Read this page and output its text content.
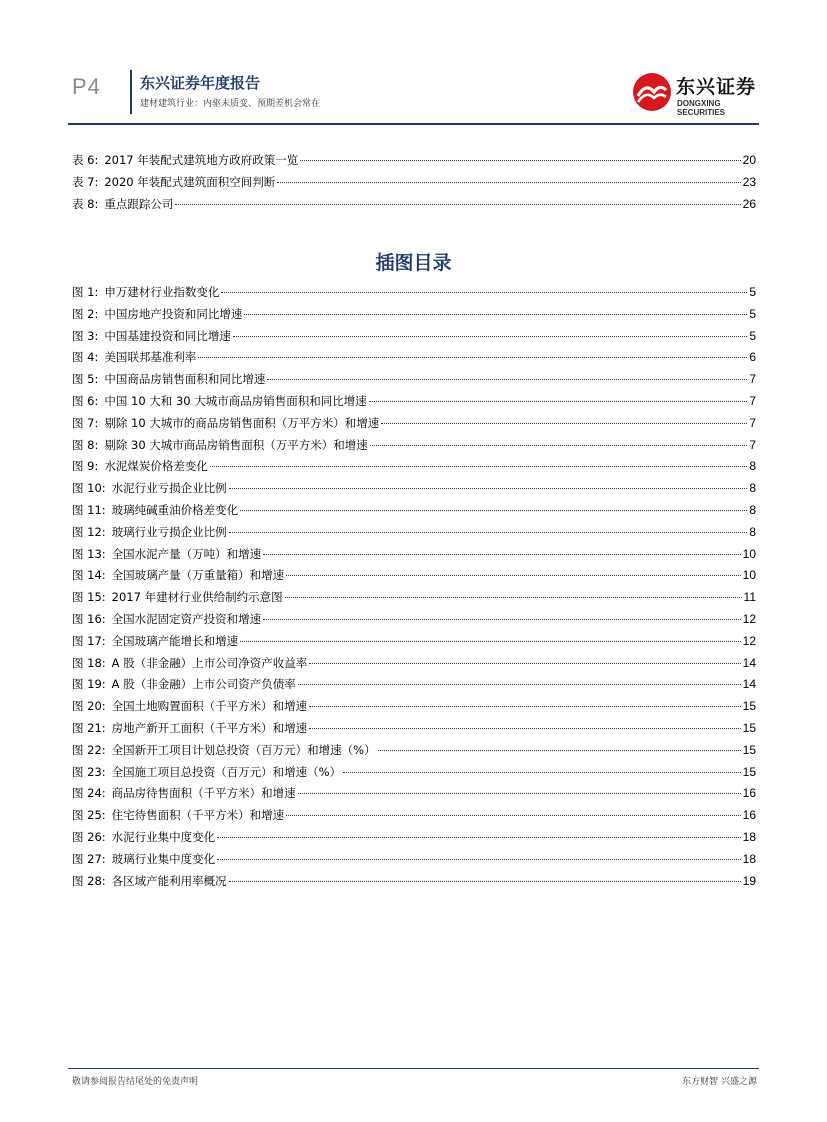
P4	东兴证券年度报告
建材建筑行业：内驱未质变、预期差机会常在
东兴证券
DONGXING SECURITIES
表 6: 2017 年装配式建筑地方政府政策一览	20
表 7: 2020 年装配式建筑面积空间判断	23
表 8: 重点跟踪公司	26
插图目录
图 1: 申万建材行业指数变化	5
图 2: 中国房地产投资和同比增速	5
图 3: 中国基建投资和同比增速	5
图 4: 美国联邦基准利率	6
图 5: 中国商品房销售面积和同比增速	7
图 6: 中国 10 大和 30 大城市商品房销售面积和同比增速	7
图 7: 剔除 10 大城市的商品房销售面积（万平方米）和增速	7
图 8: 剔除 30 大城市商品房销售面积（万平方米）和增速	7
图 9: 水泥煤炭价格差变化	8
图 10: 水泥行业亏损企业比例	8
图 11: 玻璃纯碱重油价格差变化	8
图 12: 玻璃行业亏损企业比例	8
图 13: 全国水泥产量（万吨）和增速	10
图 14: 全国玻璃产量（万重量箱）和增速	10
图 15: 2017 年建材行业供给制约示意图	11
图 16: 全国水泥固定资产投资和增速	12
图 17: 全国玻璃产能增长和增速	12
图 18: A 股（非金融）上市公司净资产收益率	14
图 19: A 股（非金融）上市公司资产负债率	14
图 20: 全国土地购置面积（千平方米）和增速	15
图 21: 房地产新开工面积（千平方米）和增速	15
图 22: 全国新开工项目计划总投资（百万元）和增速（%）	15
图 23: 全国施工项目总投资（百万元）和增速（%）	15
图 24: 商品房待售面积（千平方米）和增速	16
图 25: 住宅待售面积（千平方米）和增速	16
图 26: 水泥行业集中度变化	18
图 27: 玻璃行业集中度变化	18
图 28: 各区域产能利用率概况	19
敬请参阅报告结尾处的免责声明	东方财智 兴盛之源
